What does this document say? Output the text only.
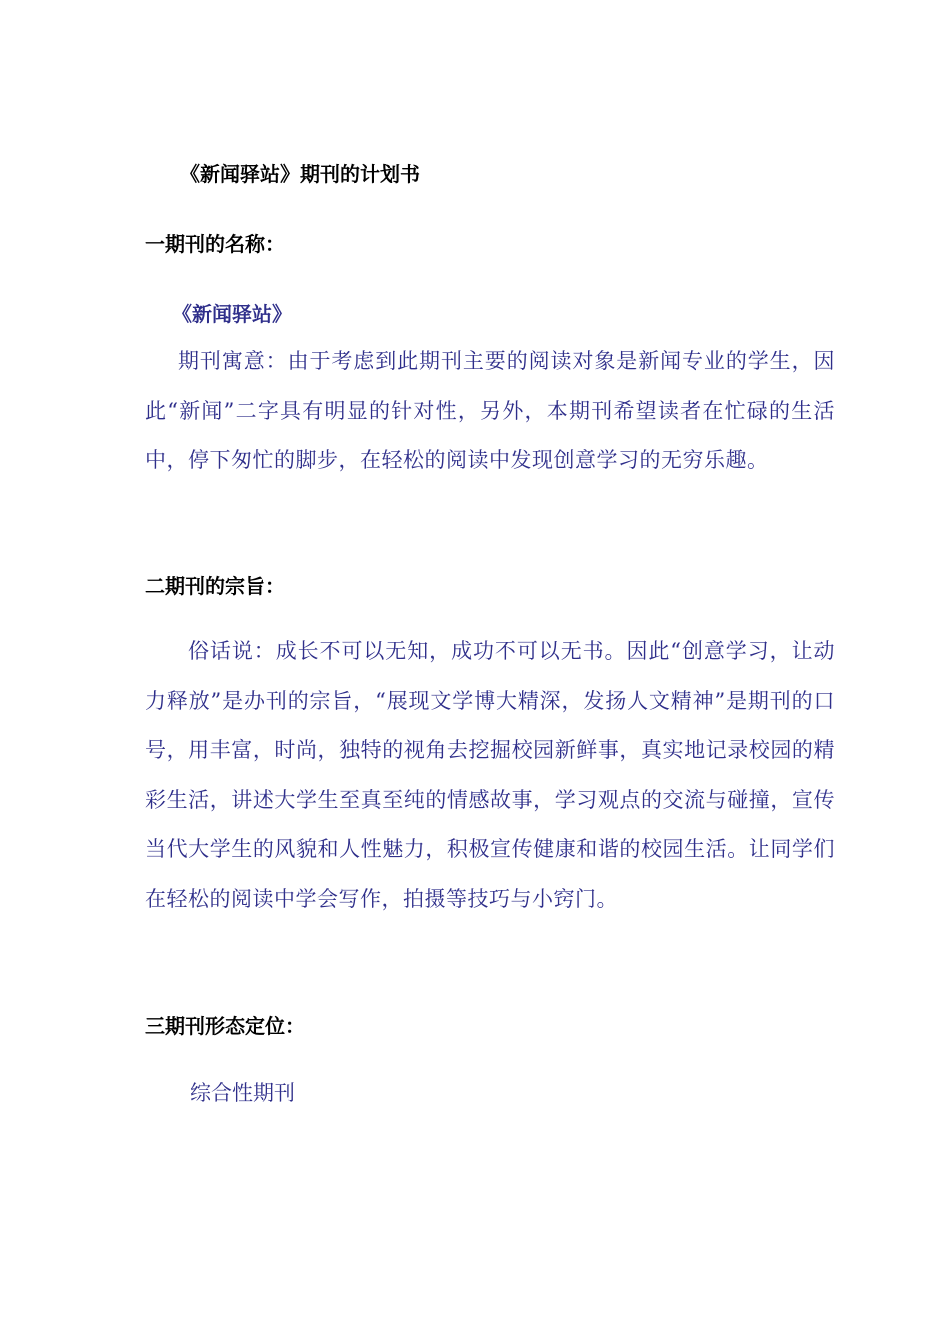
《新闻驿站》期刊的计划书
一期刊的名称：
《新闻驿站》

期刊寓意：由于考虑到此期刊主要的阅读对象是新闻专业的学生，因此“新闻”二字具有明显的针对性，另外，本期刊希望读者在忙碌的生活中，停下匆忙的脚步，在轻松的阅读中发现创意学习的无穷乐趣。

二期刊的宗旨：

俗话说：成长不可以无知，成功不可以无书。因此“创意学习，让动力释放”是办刊的宗旨，“展现文学博大精深，发扬人文精神”是期刊的口号，用丰富，时尚，独特的视角去挖掘校园新鲜事，真实地记录校园的精彩生活，讲述大学生至真至纯的情感故事，学习观点的交流与碰撞，宣传当代大学生的风貌和人性魅力，积极宣传健康和谐的校园生活。让同学们在轻松的阅读中学会写作，拍摄等技巧与小窍门。

三期刊形态定位：
综合性期刊
